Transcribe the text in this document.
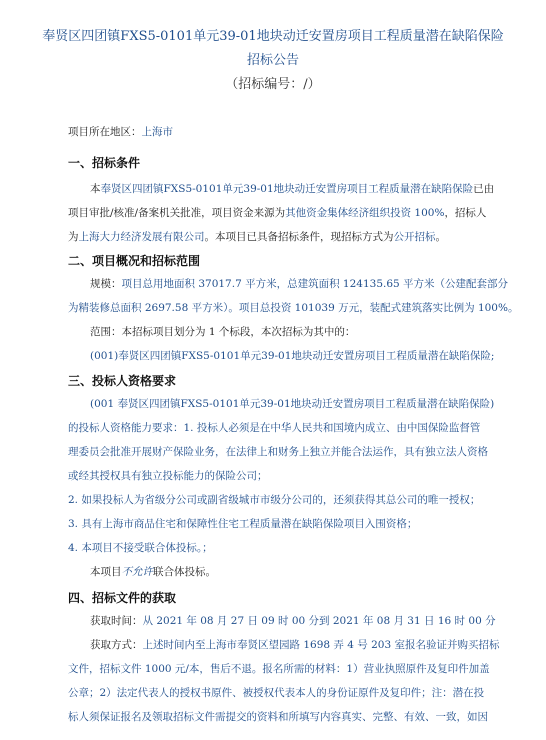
奉贤区四团镇FXS5-0101单元39-01地块动迁安置房项目工程质量潜在缺陷保险
招标公告
（招标编号：/）
项目所在地区：上海市
一、招标条件
本奉贤区四团镇FXS5-0101单元39-01地块动迁安置房项目工程质量潜在缺陷保险已由
项目审批/核准/备案机关批准，项目资金来源为其他资金集体经济组织投资 100%，招标人
为上海大力经济发展有限公司。本项目已具备招标条件，现招标方式为公开招标。
二、项目概况和招标范围
规模：项目总用地面积 37017.7 平方米，总建筑面积 124135.65 平方米（公建配套部分
为精装修总面积 2697.58 平方米）。项目总投资 101039 万元，装配式建筑落实比例为 100%。
范围：本招标项目划分为 1 个标段，本次招标为其中的：
(001)奉贤区四团镇FXS5-0101单元39-01地块动迁安置房项目工程质量潜在缺陷保险;
三、投标人资格要求
(001 奉贤区四团镇FXS5-0101单元39-01地块动迁安置房项目工程质量潜在缺陷保险)
的投标人资格能力要求：1. 投标人必须是在中华人民共和国境内成立、由中国保险监督管
理委员会批准开展财产保险业务，在法律上和财务上独立并能合法运作，具有独立法人资格
或经其授权具有独立投标能力的保险公司；
2. 如果投标人为省级分公司或副省级城市市级分公司的，还须获得其总公司的唯一授权；
3. 具有上海市商品住宅和保障性住宅工程质量潜在缺陷保险项目入围资格；
4. 本项目不接受联合体投标。；
本项目不允许联合体投标。
四、招标文件的获取
获取时间：从 2021 年 08 月 27 日 09 时 00 分到 2021 年 08 月 31 日 16 时 00 分
获取方式：上述时间内至上海市奉贤区望园路 1698 弄 4 号 203 室报名验证并购买招标
文件，招标文件 1000 元/本，售后不退。报名所需的材料：1）营业执照原件及复印件加盖
公章；2）法定代表人的授权书原件、被授权代表本人的身份证原件及复印件；注：潜在投
标人须保证报名及领取招标文件需提交的资料和所填写内容真实、完整、有效、一致，如因
